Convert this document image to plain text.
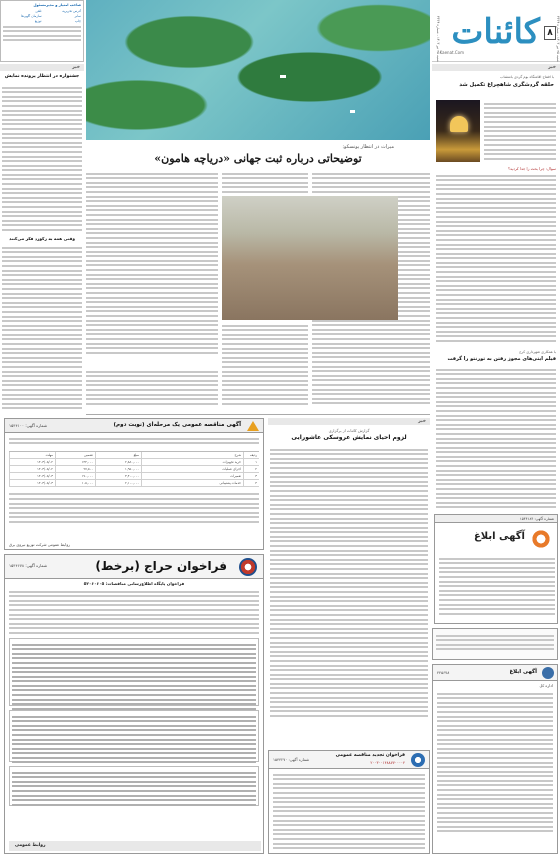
شنبه ۲۵ تیر ۱۴۰۳ - شماره ۴۳۶۴
۸
کائنات
Kaenat.Com
شنبه ۲۵ تیر ۱۴۰۳ - شماره ۴۳۶۴
خبر
با افتتاح اقامتگاه بوم گردی بامنشاب
حلقه گردشگری شاهچراغ تکمیل شد
سوال: چرا بحث را جدا کردید؟
با همکاری شهرداری کرج
فیلم ایتی‌های مجوز رفتن به تورنتو را گرفت
شماره آگهی: ۱۵۴۴۱۸۴
آگهی ابلاغ
میراث در انتظار یونسکو:
توضیحاتی درباره ثبت جهانی «دریاچه هامون»
صاحب امتیاز و مدیرمسئول
آدرس تحریریه
تلفن
نمابر
سازمان آگهی‌ها
چاپ
توزیع
خبر
جشنواره در انتظار پرونده نمایش
وقتی همه به رکورد فکر می‌کنند
خبر
گزارش کائنات از برگزاری
لزوم احیای نمایش عروسکی عاشورایی
آگهی مناقصه عمومی یک مرحله‌ای (نوبت دوم)
شماره آگهی: ۱۵۴۴۱۰۰
ردیف
شرح
مبلغ
تضمین
مهلت
۱
خرید تجهیزات
۲,۸۸۰,۰۰۰
۱۴۴,۰۰۰
۱۴۰۳/۰۵/۰۲
۲
اجرای عملیات
۱,۹۵۰,۰۰۰
۹۷,۵۰۰
۱۴۰۳/۰۵/۰۲
۳
تعمیرات
۳,۴۰۰,۰۰۰
۱۷۰,۰۰۰
۱۴۰۳/۰۵/۰۳
۴
خدمات پشتیبانی
۲,۱۰۰,۰۰۰
۱۰۵,۰۰۰
۱۴۰۳/۰۵/۰۳
روابط عمومی شرکت توزیع نیروی برق
فراخوان حراج (برخط)
شماره آگهی: ۱۵۴۴۶۷۸
فراخوان پایگاه اطلاع‌رسانی مناقصات: ۵۲۰۶۰۶۰۵
روابط عمومی
فراخوان تجدید مناقصه عمومی
۲۰۰۳۰۰۱۴۸۸۷۷۰۰۰۰۴
شماره آگهی: ۱۵۴۴۲۷۰
آگهی ابلاغ
۴۴۵۶۷۸
اداره کل
